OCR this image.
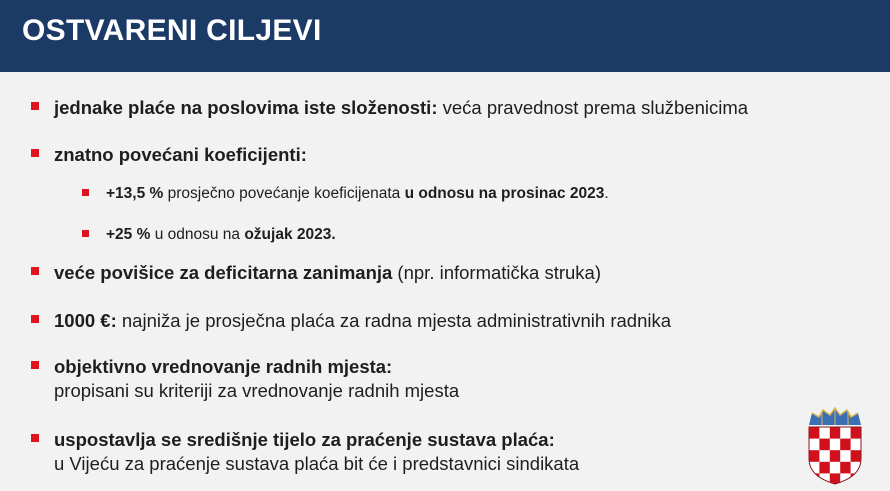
OSTVARENI CILJEVI
jednake plaće na poslovima iste složenosti: veća pravednost prema službenicima
znatno povećani koeficijenti:
+13,5 % prosječno povećanje koeficijenata u odnosu na prosinac 2023.
+25 % u odnosu na ožujak 2023.
veće povišice za deficitarna zanimanja (npr. informatička struka)
1000 €: najniža je prosječna plaća za radna mjesta administrativnih radnika
objektivno vrednovanje radnih mjesta:
propisani su kriteriji za vrednovanje radnih mjesta
uspostavlja se središnje tijelo za praćenje sustava plaća:
u Vijeću za praćenje sustava plaća bit će i predstavnici sindikata
